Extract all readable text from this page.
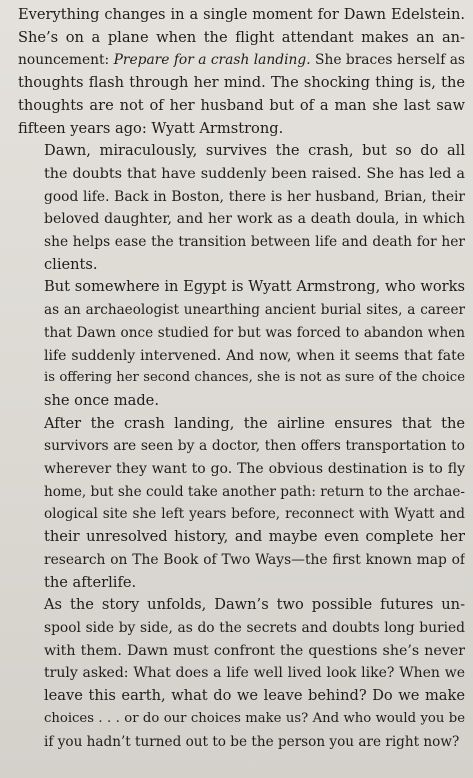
Everything changes in a single moment for Dawn Edelstein.
She’s on a plane when the flight attendant makes an an-
nouncement: Prepare for a crash landing. She braces herself as
thoughts flash through her mind. The shocking thing is, the
thoughts are not of her husband but of a man she last saw
fifteen years ago: Wyatt Armstrong.

Dawn, miraculously, survives the crash, but so do all
the doubts that have suddenly been raised. She has led a
good life. Back in Boston, there is her husband, Brian, their
beloved daughter, and her work as a death doula, in which
she helps ease the transition between life and death for her
clients.

But somewhere in Egypt is Wyatt Armstrong, who works
as an archaeologist unearthing ancient burial sites, a career
that Dawn once studied for but was forced to abandon when
life suddenly intervened. And now, when it seems that fate
is offering her second chances, she is not as sure of the choice
she once made.

After the crash landing, the airline ensures that the
survivors are seen by a doctor, then offers transportation to
wherever they want to go. The obvious destination is to fly
home, but she could take another path: return to the archae-
ological site she left years before, reconnect with Wyatt and
their unresolved history, and maybe even complete her
research on The Book of Two Ways—the first known map of
the afterlife.

As the story unfolds, Dawn’s two possible futures un-
spool side by side, as do the secrets and doubts long buried
with them. Dawn must confront the questions she’s never
truly asked: What does a life well lived look like? When we
leave this earth, what do we leave behind? Do we make
choices . . . or do our choices make us? And who would you be
if you hadn’t turned out to be the person you are right now?
